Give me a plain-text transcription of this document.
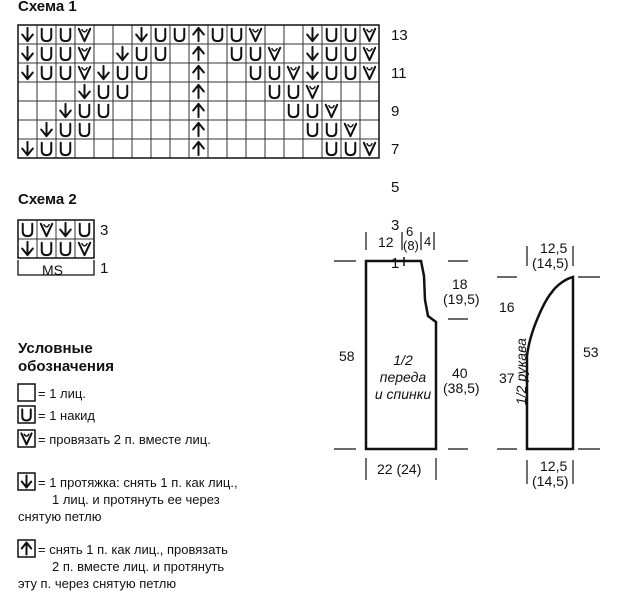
Схема 1
13
11
9
7
5
3
1
3
1
Схема 2
MS
Условные
обозначения
= 1 лиц.
= 1 накид
= провязать 2 п. вместе лиц.
= 1 протяжка: снять 1 п. как лиц.,
1 лиц. и протянуть ее через
снятую петлю
= снять 1 п. как лиц., провязать
2 п. вместе лиц. и протянуть
эту п. через снятую петлю
12
6
(8) 4
58
18
(19,5)
40
(38,5)
22 (24)
1/2
переда
и спинки
12,5
(14,5)
16
37
53
12,5
(14,5)
1/2 рукава
